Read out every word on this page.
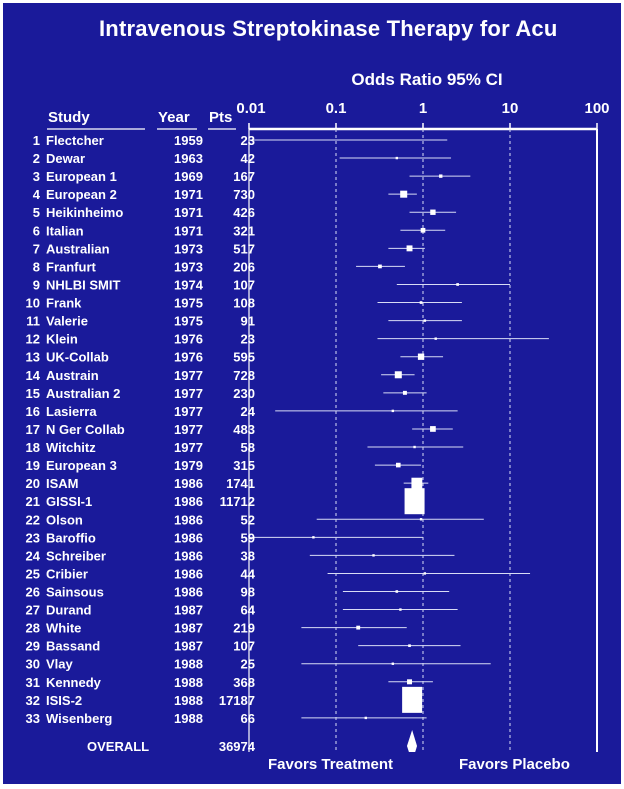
Intravenous Streptokinase Therapy for Acu
Odds Ratio 95% CI
0.01	0.1	1	10	100
Study	Year Pts
1 Flectcher	1959	23
2 Dewar	1963	42
3 European 1	1969 167
4 European 2	1971 730
5 Heikinheimo	1971 426
6 Italian	1971 321
7 Australian	1973 517
8 Franfurt	1973 206
9 NHLBI SMIT	1974 107
10 Frank	1975 108
11 Valerie	1975	91
12 Klein	1976	23
13 UK-Collab	1976 595
14 Austrain	1977 728
15 Australian 2	1977 230
16 Lasierra	1977	24
17 N Ger Collab	1977 483
18 Witchitz	1977	58
19 European 3	1979 315
20 ISAM	1986 1741
21 GISSI-1	1986 11712
22 Olson	1986	52
23 Baroffio	1986	59
24 Schreiber	1986	38
25 Cribier	1986	44
26 Sainsous	1986	98
27 Durand	1987	64
28 White	1987 219
29 Bassand	1987 107
30 Vlay	1988	25
31 Kennedy	1988 368
32 ISIS-2	1988 17187
33 Wisenberg	1988	66
OVERALL	36974
Favors Treatment	Favors Placebo
